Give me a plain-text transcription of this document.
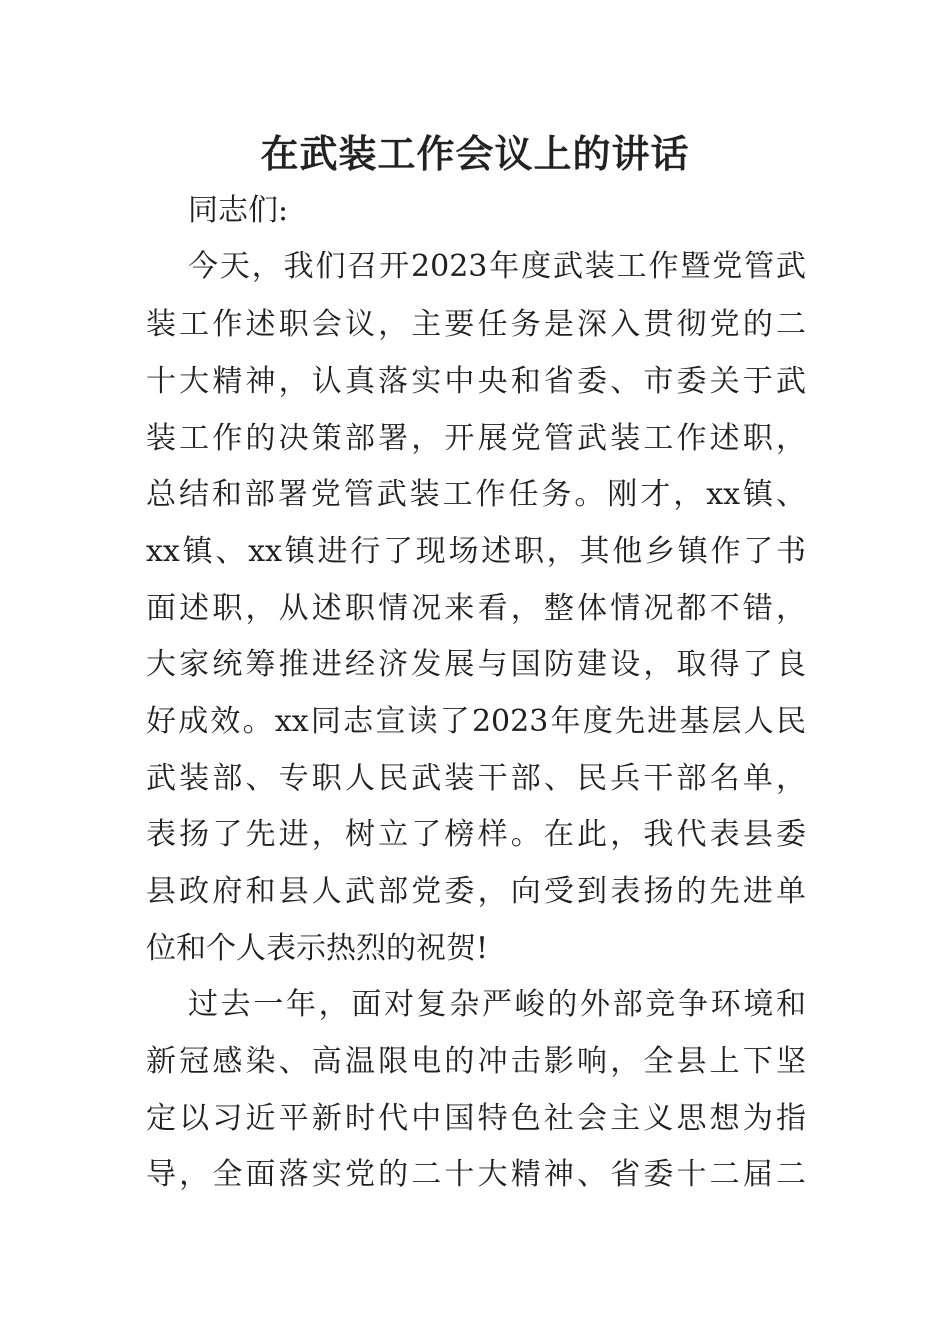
在武装工作会议上的讲话
同志们:
今天，我们召开2023年度武装工作暨党管武
装工作述职会议，主要任务是深入贯彻党的二
十大精神，认真落实中央和省委、市委关于武
装工作的决策部署，开展党管武装工作述职，
总结和部署党管武装工作任务。刚才，xx镇、
xx镇、xx镇进行了现场述职，其他乡镇作了书
面述职，从述职情况来看，整体情况都不错，
大家统筹推进经济发展与国防建设，取得了良
好成效。xx同志宣读了2023年度先进基层人民
武装部、专职人民武装干部、民兵干部名单，
表扬了先进，树立了榜样。在此，我代表县委
县政府和县人武部党委，向受到表扬的先进单
位和个人表示热烈的祝贺!
过去一年，面对复杂严峻的外部竞争环境和
新冠感染、高温限电的冲击影响，全县上下坚
定以习近平新时代中国特色社会主义思想为指
导，全面落实党的二十大精神、省委十二届二
